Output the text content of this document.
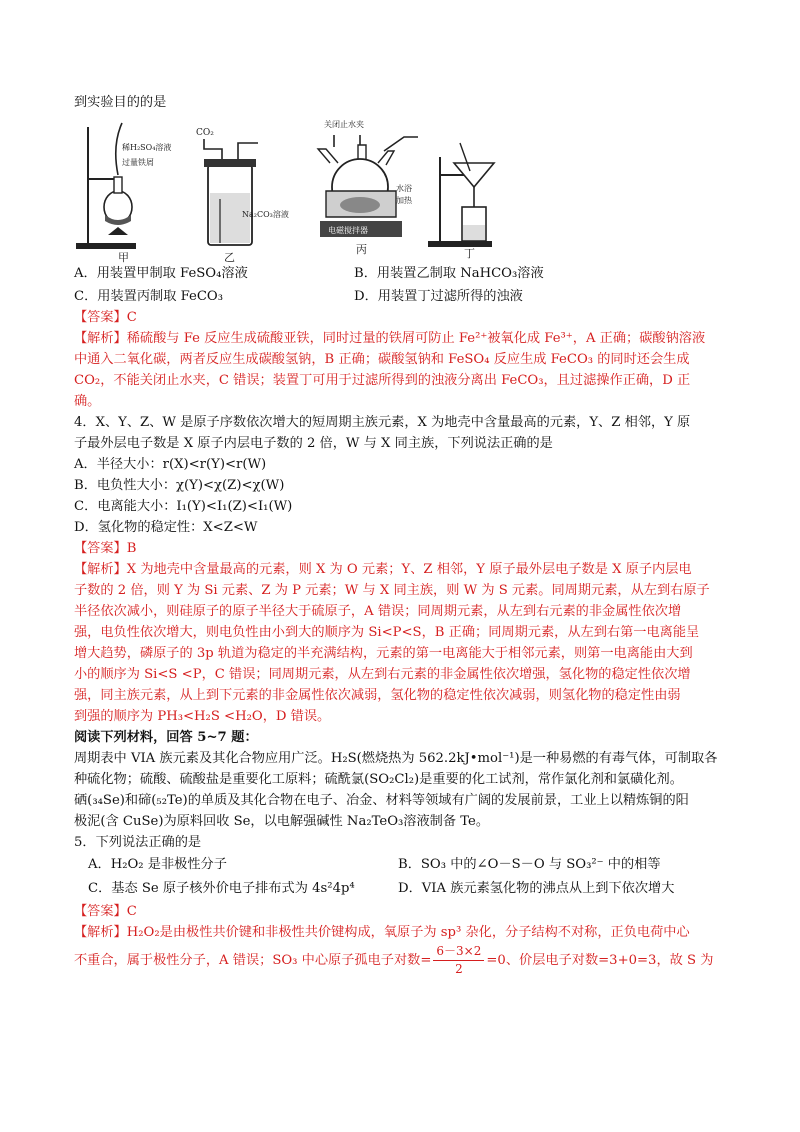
到实验目的的是
稀H₂SO₄溶液
过量铁屑
甲
CO₂
Na₂CO₃溶液
乙
关闭止水夹
电磁搅拌器
水浴
加热
丙	丁
A．用装置甲制取 FeSO₄溶液	B．用装置乙制取 NaHCO₃溶液
C．用装置丙制取 FeCO₃	D．用装置丁过滤所得的浊液
【答案】C
【解析】稀硫酸与 Fe 反应生成硫酸亚铁，同时过量的铁屑可防止 Fe²⁺被氧化成 Fe³⁺，A 正确；碳酸钠溶液
中通入二氧化碳，两者反应生成碳酸氢钠，B 正确；碳酸氢钠和 FeSO₄ 反应生成 FeCO₃ 的同时还会生成
CO₂，不能关闭止水夹，C 错误；装置丁可用于过滤所得到的浊液分离出 FeCO₃，且过滤操作正确，D 正
确。
4．X、Y、Z、W 是原子序数依次增大的短周期主族元素，X 为地壳中含量最高的元素，Y、Z 相邻，Y 原
子最外层电子数是 X 原子内层电子数的 2 倍，W 与 X 同主族，下列说法正确的是
A．半径大小：r(X)<r(Y)<r(W)
B．电负性大小：χ(Y)<χ(Z)<χ(W)
C．电离能大小：I₁(Y)<I₁(Z)<I₁(W)
D．氢化物的稳定性：X<Z<W
【答案】B
【解析】X 为地壳中含量最高的元素，则 X 为 O 元素；Y、Z 相邻，Y 原子最外层电子数是 X 原子内层电
子数的 2 倍，则 Y 为 Si 元素、Z 为 P 元素；W 与 X 同主族，则 W 为 S 元素。同周期元素，从左到右原子
半径依次减小，则硅原子的原子半径大于硫原子，A 错误；同周期元素，从左到右元素的非金属性依次增
强，电负性依次增大，则电负性由小到大的顺序为 Si<P<S，B 正确；同周期元素，从左到右第一电离能呈
增大趋势，磷原子的 3p 轨道为稳定的半充满结构，元素的第一电离能大于相邻元素，则第一电离能由大到
小的顺序为 Si<S <P，C 错误；同周期元素，从左到右元素的非金属性依次增强，氢化物的稳定性依次增
强，同主族元素，从上到下元素的非金属性依次减弱，氢化物的稳定性依次减弱，则氢化物的稳定性由弱
到强的顺序为 PH₃<H₂S <H₂O，D 错误。
阅读下列材料，回答 5~7 题：
周期表中 VIA 族元素及其化合物应用广泛。H₂S(燃烧热为 562.2kJ•mol⁻¹)是一种易燃的有毒气体，可制取各
种硫化物；硫酸、硫酸盐是重要化工原料；硫酰氯(SO₂Cl₂)是重要的化工试剂，常作氯化剂和氯磺化剂。
硒(₃₄Se)和碲(₅₂Te)的单质及其化合物在电子、冶金、材料等领域有广阔的发展前景，工业上以精炼铜的阳
极泥(含 CuSe)为原料回收 Se，以电解强碱性 Na₂TeO₃溶液制备 Te。
5．下列说法正确的是
A．H₂O₂ 是非极性分子	B．SO₃ 中的∠O－S－O 与 SO₃²⁻ 中的相等
C．基态 Se 原子核外价电子排布式为 4s²4p⁴	D．VIA 族元素氢化物的沸点从上到下依次增大
【答案】C
【解析】H₂O₂是由极性共价键和非极性共价键构成，氧原子为 sp³ 杂化，分子结构不对称，正负电荷中心
不重合，属于极性分子，A 错误；SO₃ 中心原子孤电子对数= $\frac{6-3\times 2}{2} =0$、价层电子对数=3+0=3，故 S 为
